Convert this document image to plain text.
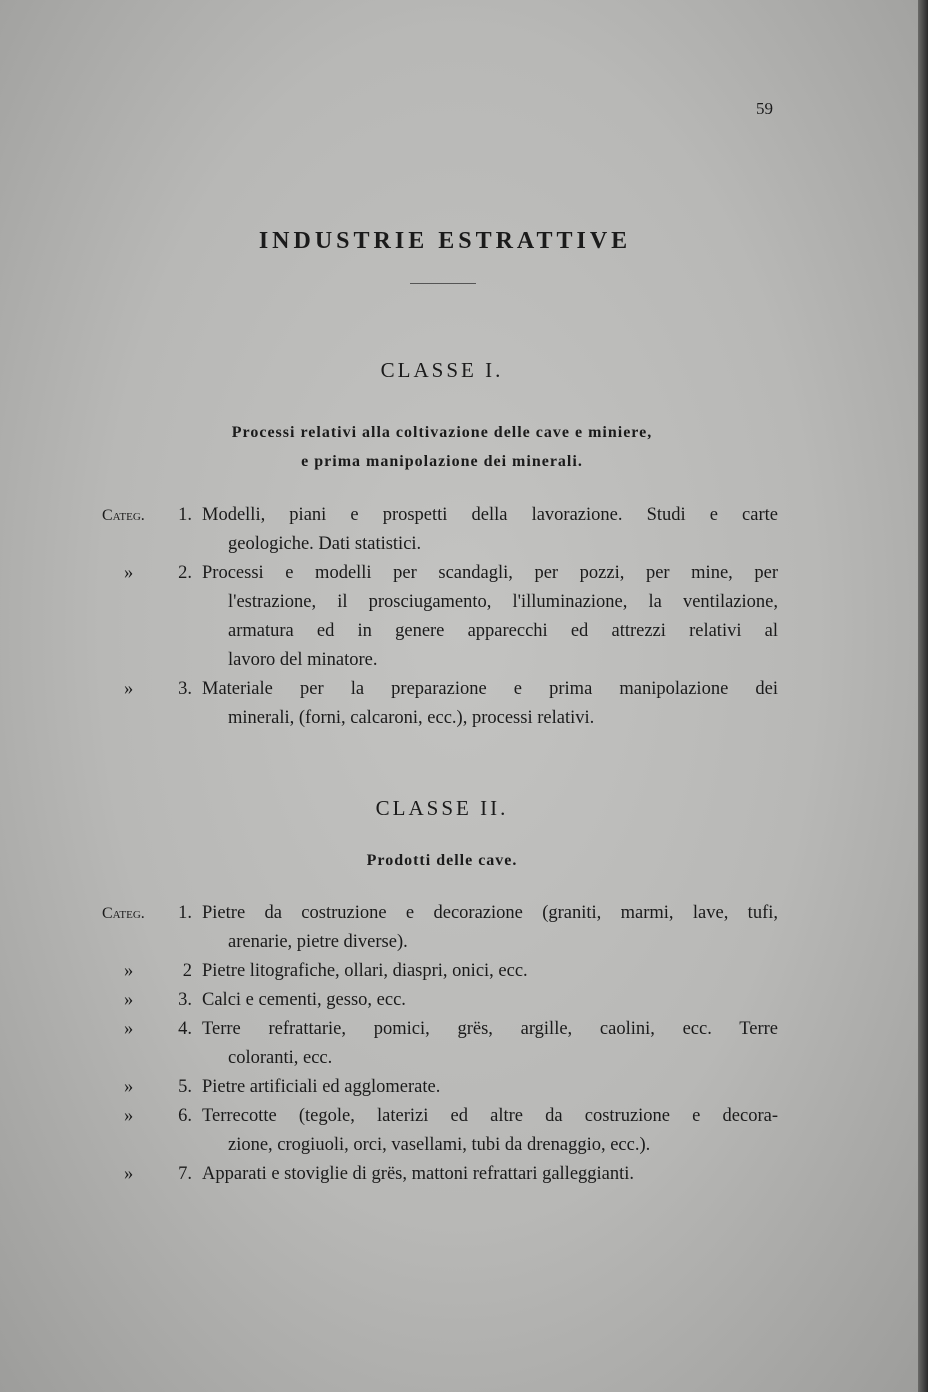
59
INDUSTRIE ESTRATTIVE
CLASSE I.
Processi relativi alla coltivazione delle cave e miniere,
e prima manipolazione dei minerali.
Categ.	1. Modelli, piani e prospetti della lavorazione. Studi e carte
geologiche. Dati statistici.
»	2. Processi e modelli per scandagli, per pozzi, per mine, per
l'estrazione, il prosciugamento, l'illuminazione, la ventilazione,
armatura ed in genere apparecchi ed attrezzi relativi al
lavoro del minatore.
»	3. Materiale per la preparazione e prima manipolazione dei
minerali, (forni, calcaroni, ecc.), processi relativi.
CLASSE II.
Prodotti delle cave.
Categ.	1. Pietre da costruzione e decorazione (graniti, marmi, lave, tufi,
arenarie, pietre diverse).
»	2 Pietre litografiche, ollari, diaspri, onici, ecc.
»	3. Calci e cementi, gesso, ecc.
»	4. Terre refrattarie, pomici, grës, argille, caolini, ecc. Terre
coloranti, ecc.
»	5. Pietre artificiali ed agglomerate.
»	6. Terrecotte (tegole, laterizi ed altre da costruzione e decora-
zione, crogiuoli, orci, vasellami, tubi da drenaggio, ecc.).
»	7. Apparati e stoviglie di grës, mattoni refrattari galleggianti.
